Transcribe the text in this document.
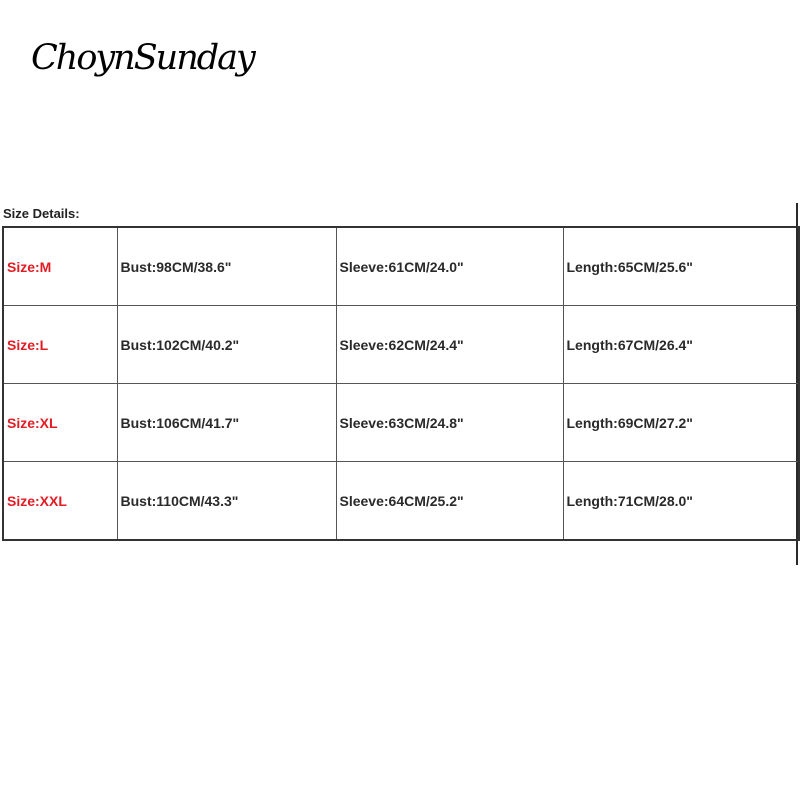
ChoynSunday
Size Details:
Size:M	Bust:98CM/38.6"	Sleeve:61CM/24.0"	Length:65CM/25.6"
Size:L	Bust:102CM/40.2"	Sleeve:62CM/24.4"	Length:67CM/26.4"
Size:XL	Bust:106CM/41.7"	Sleeve:63CM/24.8"	Length:69CM/27.2"
Size:XXL	Bust:110CM/43.3"	Sleeve:64CM/25.2"	Length:71CM/28.0"
